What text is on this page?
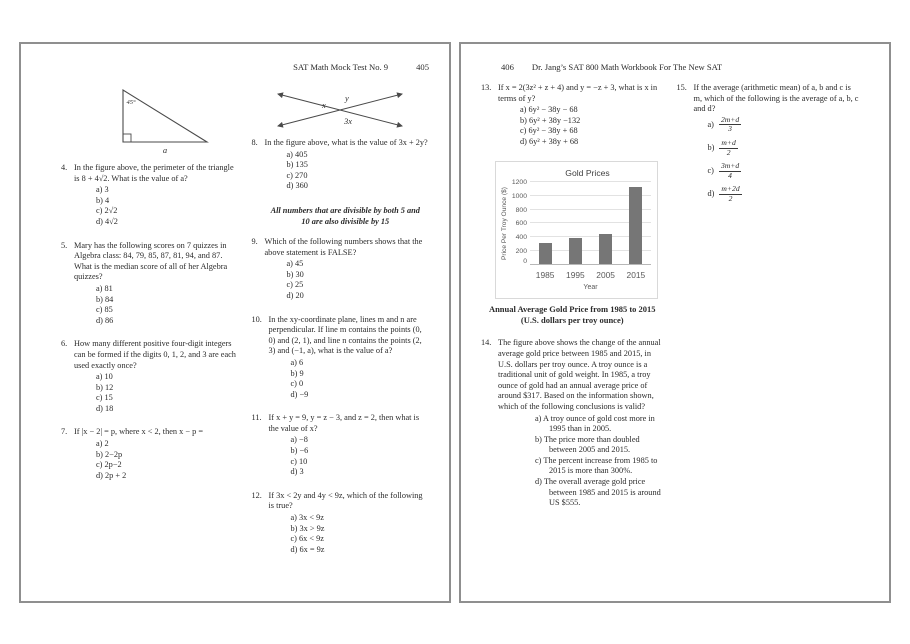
SAT Math Mock Test No. 9	405
45°
a
4. In the figure above, the perimeter of the triangle is 8 + 4√2. What is the value of a?
a) 3
b) 4
c) 2√2
d) 4√2
5. Mary has the following scores on 7 quizzes in Algebra class: 84, 79, 85, 87, 81, 94, and 87. What is the median score of all of her Algebra quizzes?
a) 81
b) 84
c) 85
d) 86
6. How many different positive four-digit integers can be formed if the digits 0, 1, 2, and 3 are each used exactly once?
a) 10
b) 12
c) 15
d) 18
7. If |x − 2| = p, where x < 2, then x − p =
a) 2
b) 2−2p
c) 2p−2
d) 2p + 2
y
x
3x
8. In the figure above, what is the value of 3x + 2y?
a) 405
b) 135
c) 270
d) 360
All numbers that are divisible by both 5 and 10 are also divisible by 15
9. Which of the following numbers shows that the above statement is FALSE?
a) 45
b) 30
c) 25
d) 20
10. In the xy-coordinate plane, lines m and n are perpendicular. If line m contains the points (0, 0) and (2, 1), and line n contains the points (2, 3) and (−1, a), what is the value of a?
a) 6
b) 9
c) 0
d) −9
11. If x + y = 9, y = z − 3, and z = 2, then what is the value of x?
a) −8
b) −6
c) 10
d) 3
12. If 3x < 2y and 4y < 9z, which of the following is true?
a) 3x < 9z
b) 3x > 9z
c) 6x < 9z
d) 6x = 9z
406 Dr. Jang’s SAT 800 Math Workbook For The New SAT
13. If x = 2(3z² + z + 4) and y = −z + 3, what is x in terms of y?
a) 6y² − 38y − 68
b) 6y² + 38y −132
c) 6y² − 38y + 68
d) 6y² + 38y + 68
Gold Prices
Price Per Troy Ounce ($)
0
200
400
600
800
1000
1200
1985	1995	2005	2015
Year
Annual Average Gold Price from 1985 to 2015 (U.S. dollars per troy ounce)
14. The figure above shows the change of the annual average gold price between 1985 and 2015, in U.S. dollars per troy ounce. A troy ounce is a traditional unit of gold weight. In 1985, a troy ounce of gold had an annual average price of around $317. Based on the information shown, which of the following conclusions is valid?
a) A troy ounce of gold cost more in 1995 than in 2005.
b) The price more than doubled between 2005 and 2015.
c) The percent increase from 1985 to 2015 is more than 300%.
d) The overall average gold price between 1985 and 2015 is around US $555.
15. If the average (arithmetic mean) of a, b and c is m, which of the following is the average of a, b, c and d?
$a) \frac{2m+d}{3}$
$b) \frac{m+d}{2}$
$c) \frac{3m+d}{4}$
$d) \frac{m+2d}{2}$
